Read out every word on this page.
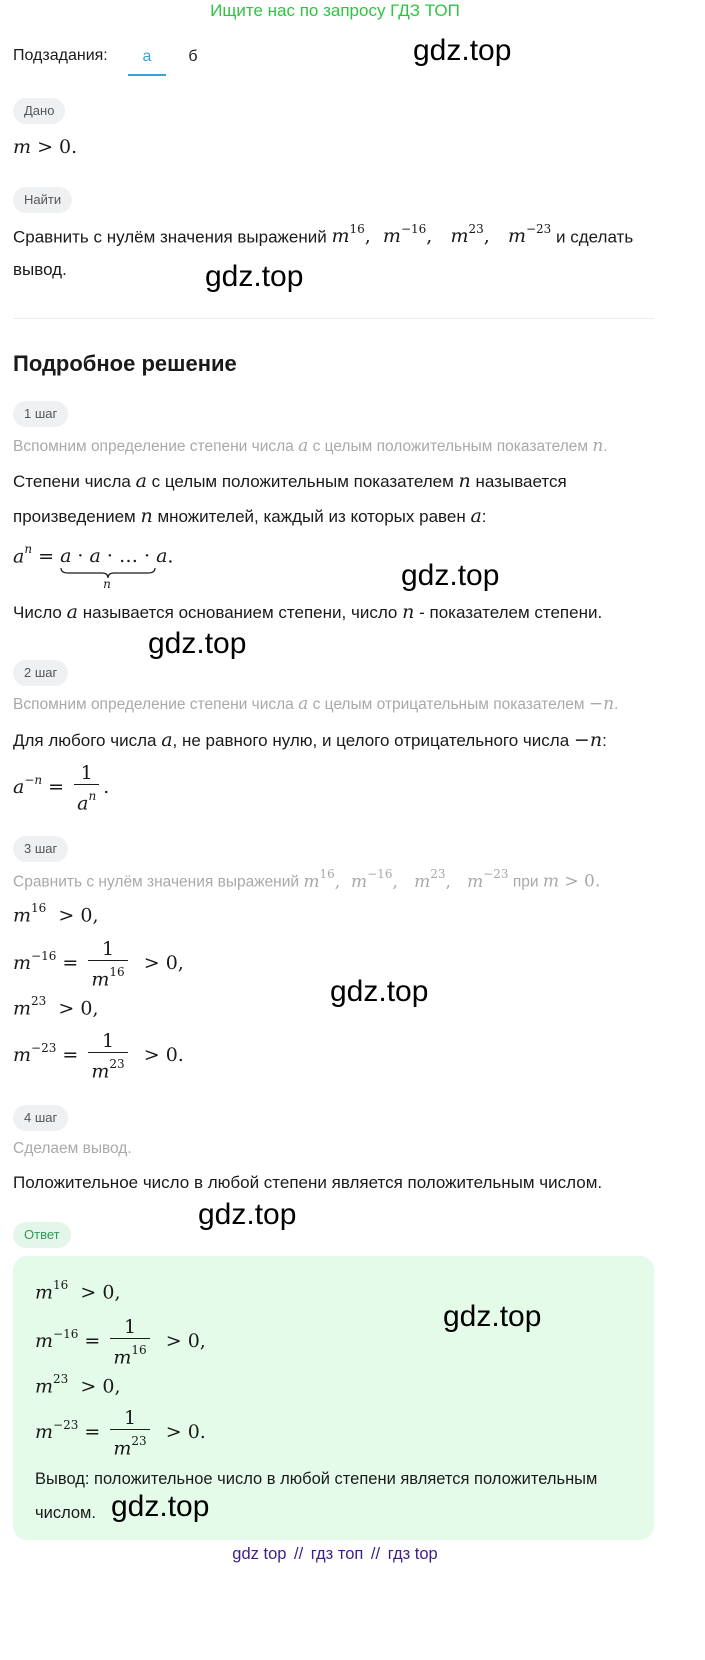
Ищите нас по запросу ГДЗ ТОП
Подзадания:	а	б	gdz.top
Дано
m > 0.
Найти
Сравнить с нулём значения выражений $m^{16}$,  $m^{-16}$,   $m^{23}$,   $m^{-23}$ и сделать
вывод.	gdz.top
Подробное решение
1 шаг
Вспомним определение степени числа a с целым положительным показателем n.
Степени числа a с целым положительным показателем n называется
произведением n множителей, каждый из которых равен a:
$a^n = a \cdot a$ · … · a
n
.
gdz.top
Число a называется основанием степени, число n - показателем степени.
gdz.top
2 шаг
Вспомним определение степени числа a с целым отрицательным показателем −n.
Для любого числа a, не равного нулю, и целого отрицательного числа −n:
$a^{-n} = \frac{1}{a^n}$ .
3 шаг
Сравнить с нулём значения выражений $m^{16}$,  $m^{-16}$,   $m^{23}$,   $m^{-23}$ при m > 0.
$m^{16} > 0$,
$m^{-16} = \frac{1}{m^{16}} > 0$,
$m^{23} > 0$,
$m^{-23} = \frac{1}{m^{23}} > 0$.
gdz.top
4 шаг
Сделаем вывод.
Положительное число в любой степени является положительным числом.
gdz.top
Ответ
$m^{16} > 0$,
$m^{-16} = \frac{1}{m^{16}} > 0$,
$m^{23} > 0$,
$m^{-23} = \frac{1}{m^{23}} > 0$.
Вывод: положительное число в любой степени является положительным
числом.
gdz.top
gdz.top
gdz top // гдз топ // гдз top
